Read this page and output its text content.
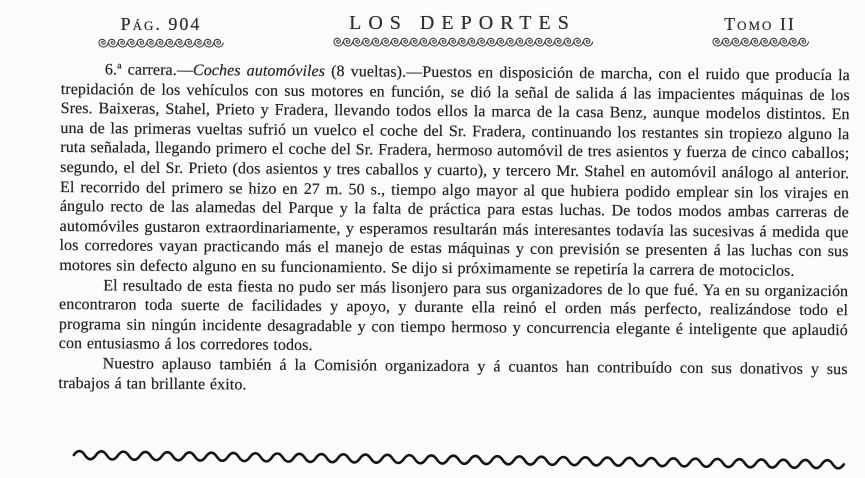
Pág. 904	LOS DEPORTES	Tomo II

6.ª carrera.—Coches automóviles (8 vueltas).—Puestos en disposición de marcha, con el ruido que producía la trepidación de los vehículos con sus motores en función, se dió la señal de salida á las impacientes máquinas de los Sres. Baixeras, Stahel, Prieto y Fradera, llevando todos ellos la marca de la casa Benz, aunque modelos distintos. En una de las primeras vueltas sufrió un vuelco el coche del Sr. Fradera, continuando los restantes sin tropiezo alguno la ruta señalada, llegando primero el coche del Sr. Fradera, hermoso automóvil de tres asientos y fuerza de cinco caballos; segundo, el del Sr. Prieto (dos asientos y tres caballos y cuarto), y tercero Mr. Stahel en automóvil análogo al anterior. El recorrido del primero se hizo en 27 m. 50 s., tiempo algo mayor al que hubiera podido emplear sin los virajes en ángulo recto de las alamedas del Parque y la falta de práctica para estas luchas. De todos modos ambas carreras de automóviles gustaron extraordinariamente, y esperamos resultarán más interesantes todavía las sucesivas á medida que los corredores vayan practicando más el manejo de estas máquinas y con previsión se presenten á las luchas con sus motores sin defecto alguno en su funcionamiento. Se dijo si próximamente se repetiría la carrera de motociclos.

El resultado de esta fiesta no pudo ser más lisonjero para sus organizadores de lo que fué. Ya en su organización encontraron toda suerte de facilidades y apoyo, y durante ella reinó el orden más perfecto, realizándose todo el programa sin ningún incidente desagradable y con tiempo hermoso y concurrencia elegante é inteligente que aplaudió con entusiasmo á los corredores todos.

Nuestro aplauso también á la Comisión organizadora y á cuantos han contribuído con sus donativos y sus trabajos á tan brillante éxito.
